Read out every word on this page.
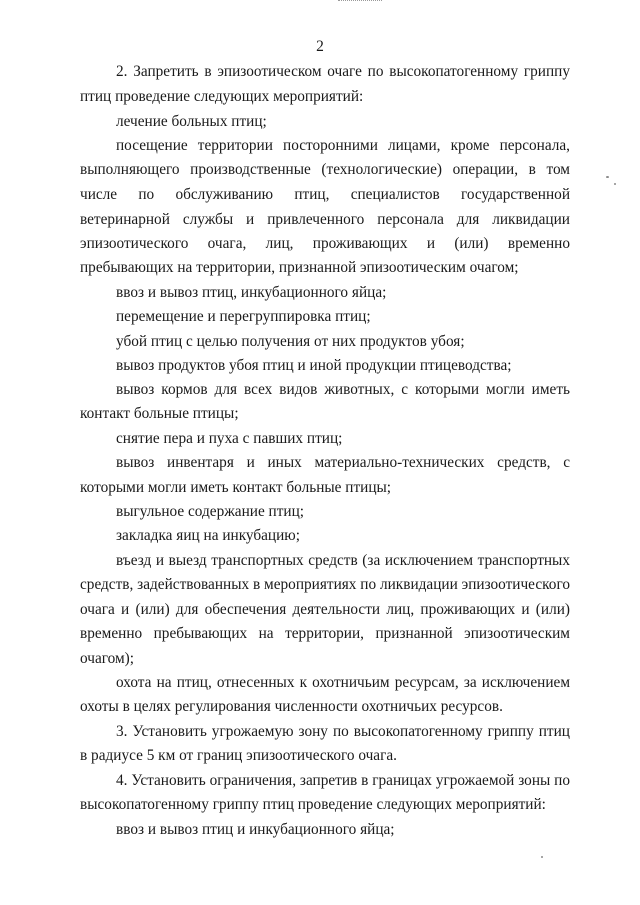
2
2. Запретить в эпизоотическом очаге по высокопатогенному гриппу
птиц проведение следующих мероприятий:
лечение больных птиц;
посещение территории посторонними лицами, кроме персонала,
выполняющего производственные (технологические) операции, в том
числе по обслуживанию птиц, специалистов государственной
ветеринарной службы и привлеченного персонала для ликвидации
эпизоотического очага, лиц, проживающих и (или) временно
пребывающих на территории, признанной эпизоотическим очагом;
ввоз и вывоз птиц, инкубационного яйца;
перемещение и перегруппировка птиц;
убой птиц с целью получения от них продуктов убоя;
вывоз продуктов убоя птиц и иной продукции птицеводства;
вывоз кормов для всех видов животных, с которыми могли иметь
контакт больные птицы;
снятие пера и пуха с павших птиц;
вывоз инвентаря и иных материально-технических средств, с
которыми могли иметь контакт больные птицы;
выгульное содержание птиц;
закладка яиц на инкубацию;
въезд и выезд транспортных средств (за исключением транспортных
средств, задействованных в мероприятиях по ликвидации эпизоотического
очага и (или) для обеспечения деятельности лиц, проживающих и (или)
временно пребывающих на территории, признанной эпизоотическим
очагом);
охота на птиц, отнесенных к охотничьим ресурсам, за исключением
охоты в целях регулирования численности охотничьих ресурсов.
3. Установить угрожаемую зону по высокопатогенному гриппу птиц
в радиусе 5 км от границ эпизоотического очага.
4. Установить ограничения, запретив в границах угрожаемой зоны по
высокопатогенному гриппу птиц проведение следующих мероприятий:
ввоз и вывоз птиц и инкубационного яйца;
